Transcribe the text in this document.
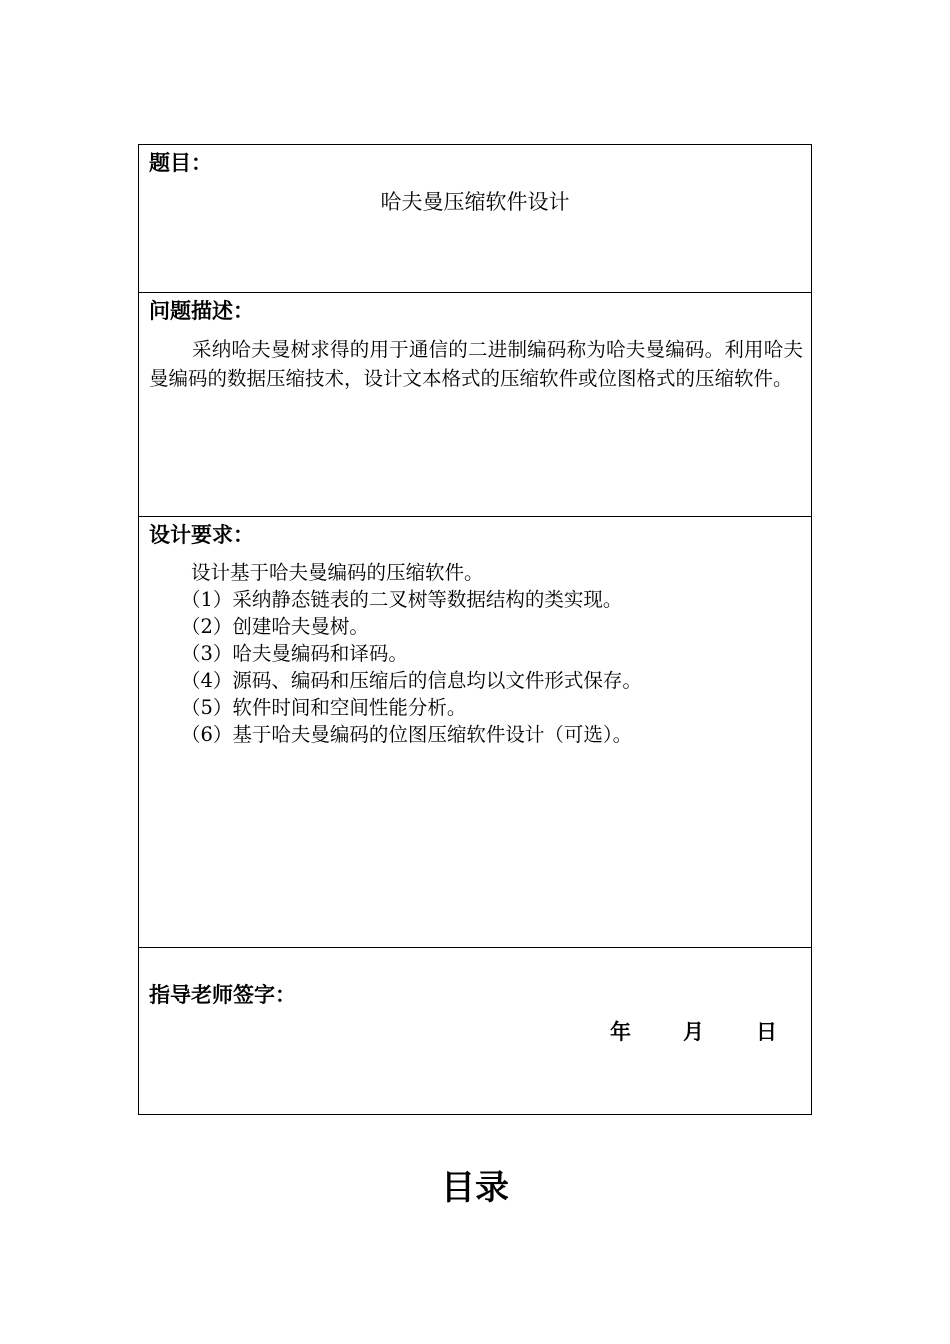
题目：
哈夫曼压缩软件设计
问题描述：
采纳哈夫曼树求得的用于通信的二进制编码称为哈夫曼编码。利用哈夫曼编码的数据压缩技术，设计文本格式的压缩软件或位图格式的压缩软件。
设计要求：
设计基于哈夫曼编码的压缩软件。
（1）采纳静态链表的二叉树等数据结构的类实现。
（2）创建哈夫曼树。
（3）哈夫曼编码和译码。
（4）源码、编码和压缩后的信息均以文件形式保存。
（5）软件时间和空间性能分析。
（6）基于哈夫曼编码的位图压缩软件设计（可选）。
指导老师签字：
年 月 日
目录
